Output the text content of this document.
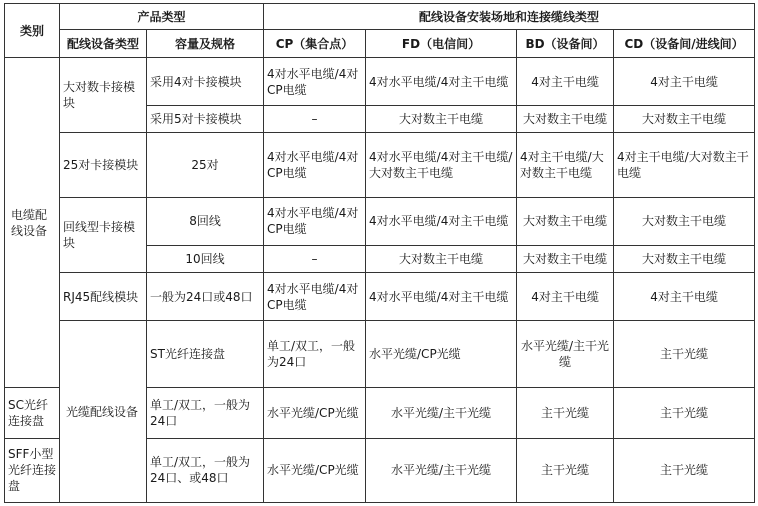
类别	产品类型		配线设备安装场地和连接缆线类型				
	配线设备类型	容量及规格	CP（集合点）	FD（电信间）	BD（设备间）	CD（设备间/进线间）	
电缆配线设备	大对数卡接模块	采用4对卡接模块	4对水平电缆/4对CP电缆	4对水平电缆/4对主干电缆	4对主干电缆	4对主干电缆	
		采用5对卡接模块	–	大对数主干电缆	大对数主干电缆	大对数主干电缆	
	25对卡接模块	25对	4对水平电缆/4对CP电缆	4对水平电缆/4对主干电缆/大对数主干电缆	4对主干电缆/大对数主干电缆	4对主干电缆/大对数主干电缆	
	回线型卡接模块	8回线	4对水平电缆/4对CP电缆	4对水平电缆/4对主干电缆	大对数主干电缆	大对数主干电缆	
		10回线	–	大对数主干电缆	大对数主干电缆	大对数主干电缆	
	RJ45配线模块	一般为24口或48口	4对水平电缆/4对CP电缆	4对水平电缆/4对主干电缆	4对主干电缆	4对主干电缆	
	光缆配线设备	ST光纤连接盘	单工/双工，一般为24口	水平光缆/CP光缆	水平光缆/主干光缆	主干光缆	
SC光纤连接盘		单工/双工，一般为24口	水平光缆/CP光缆	水平光缆/主干光缆	主干光缆	主干光缆	
SFF小型光纤连接盘		单工/双工，一般为24口、或48口	水平光缆/CP光缆	水平光缆/主干光缆	主干光缆	主干光缆	
